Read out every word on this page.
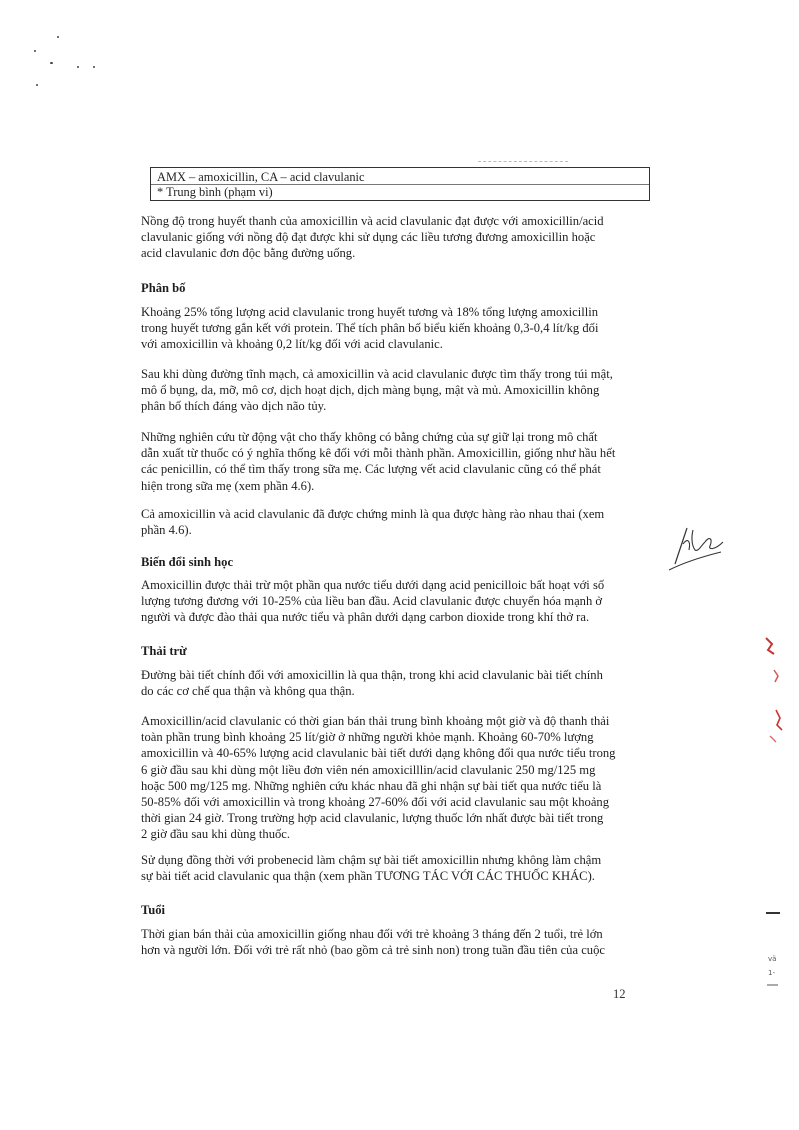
AMX – amoxicillin, CA – acid clavulanic
* Trung bình (phạm vi)

Nồng độ trong huyết thanh của amoxicillin và acid clavulanic đạt được với amoxicillin/acid
clavulanic giống với nồng độ đạt được khi sử dụng các liều tương đương amoxicillin hoặc
acid clavulanic đơn độc bằng đường uống.

Phân bố

Khoảng 25% tổng lượng acid clavulanic trong huyết tương và 18% tổng lượng amoxicillin
trong huyết tương gắn kết với protein. Thể tích phân bố biểu kiến khoảng 0,3-0,4 lít/kg đối
với amoxicillin và khoảng 0,2 lít/kg đối với acid clavulanic.

Sau khi dùng đường tĩnh mạch, cả amoxicillin và acid clavulanic được tìm thấy trong túi mật,
mô ổ bụng, da, mỡ, mô cơ, dịch hoạt dịch, dịch màng bụng, mật và mủ. Amoxicillin không
phân bố thích đáng vào dịch não tủy.

Những nghiên cứu từ động vật cho thấy không có bằng chứng của sự giữ lại trong mô chất
dẫn xuất từ thuốc có ý nghĩa thống kê đối với mỗi thành phần. Amoxicillin, giống như hầu hết
các penicillin, có thể tìm thấy trong sữa mẹ. Các lượng vết acid clavulanic cũng có thể phát
hiện trong sữa mẹ (xem phần 4.6).

Cả amoxicillin và acid clavulanic đã được chứng minh là qua được hàng rào nhau thai (xem
phần 4.6).

Biến đổi sinh học

Amoxicillin được thải trừ một phần qua nước tiểu dưới dạng acid penicilloic bất hoạt với số
lượng tương đương với 10-25% của liều ban đầu. Acid clavulanic được chuyển hóa mạnh ở
người và được đào thải qua nước tiểu và phân dưới dạng carbon dioxide trong khí thở ra.

Thải trừ

Đường bài tiết chính đối với amoxicillin là qua thận, trong khi acid clavulanic bài tiết chính
do các cơ chế qua thận và không qua thận.

Amoxicillin/acid clavulanic có thời gian bán thải trung bình khoảng một giờ và độ thanh thải
toàn phần trung bình khoảng 25 lít/giờ ở những người khỏe mạnh. Khoảng 60-70% lượng
amoxicillin và 40-65% lượng acid clavulanic bài tiết dưới dạng không đổi qua nước tiểu trong
6 giờ đầu sau khi dùng một liều đơn viên nén amoxicilllin/acid clavulanic 250 mg/125 mg
hoặc 500 mg/125 mg. Những nghiên cứu khác nhau đã ghi nhận sự bài tiết qua nước tiểu là
50-85% đối với amoxicillin và trong khoảng 27-60% đối với acid clavulanic sau một khoảng
thời gian 24 giờ. Trong trường hợp acid clavulanic, lượng thuốc lớn nhất được bài tiết trong
2 giờ đầu sau khi dùng thuốc.

Sử dụng đồng thời với probenecid làm chậm sự bài tiết amoxicillin nhưng không làm chậm
sự bài tiết acid clavulanic qua thận (xem phần TƯƠNG TÁC VỚI CÁC THUỐC KHÁC).

Tuổi

Thời gian bán thải của amoxicillin giống nhau đối với trẻ khoảng 3 tháng đến 2 tuổi, trẻ lớn
hơn và người lớn. Đối với trẻ rất nhỏ (bao gồm cả trẻ sinh non) trong tuần đầu tiên của cuộc

12
vä
1-
